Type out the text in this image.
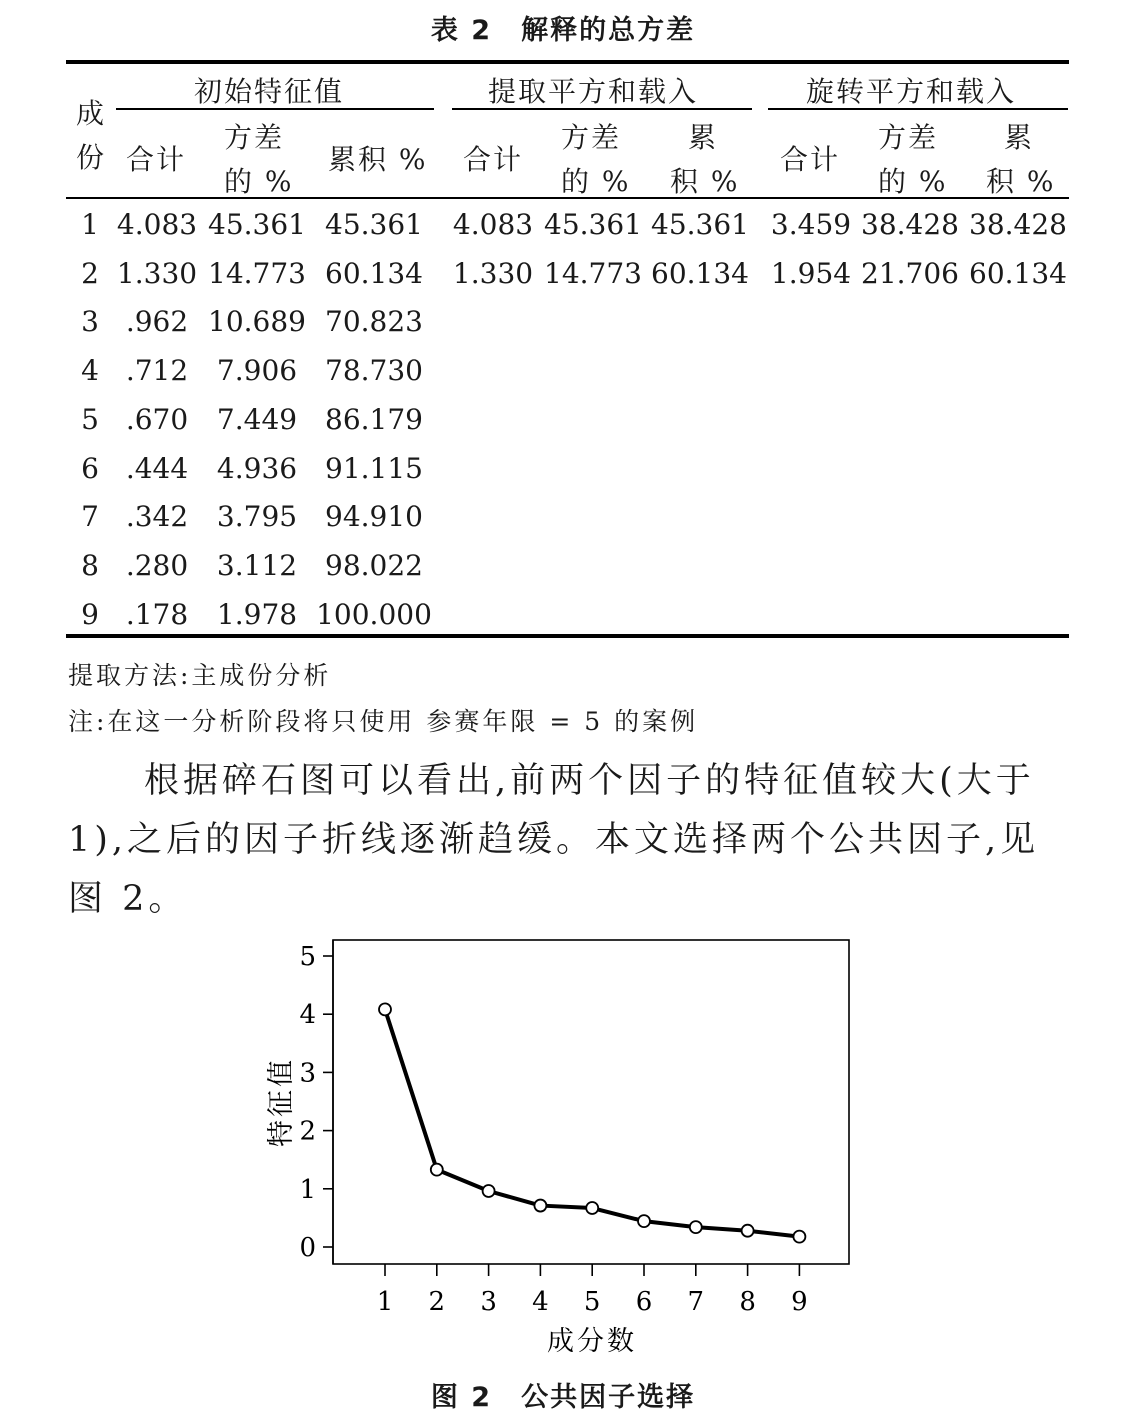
表 2　解释的总方差
成
份
初始特征值	提取平方和载入	旋转平方和载入
合计
方差
的 %
累积 % 合计
方差
的 %
累
积 %
合计
方差
的 %
累
积 %
1 4.083 45.361 45.361 4.083 45.361 45.361 3.459 38.428 38.428
2 1.330 14.773 60.134 1.330 14.773 60.134 1.954 21.706 60.134
3 .962 10.689 70.823
4 .712 7.906 78.730
5 .670 7.449 86.179
6 .444 4.936 91.115
7 .342 3.795 94.910
8 .280 3.112 98.022
9 .178 1.978 100.000
提取方法:主成份分析
注:在这一分析阶段将只使用 参赛年限 = 5 的案例
根据碎石图可以看出,前两个因子的特征值较大(大于 1),之后的因子折线逐渐趋缓。本文选择两个公共因子,见图 2。
0
1
2
3
4
5
1 2 3 4 5 6 7 8 9
特征值
成分数
图 2　公共因子选择
